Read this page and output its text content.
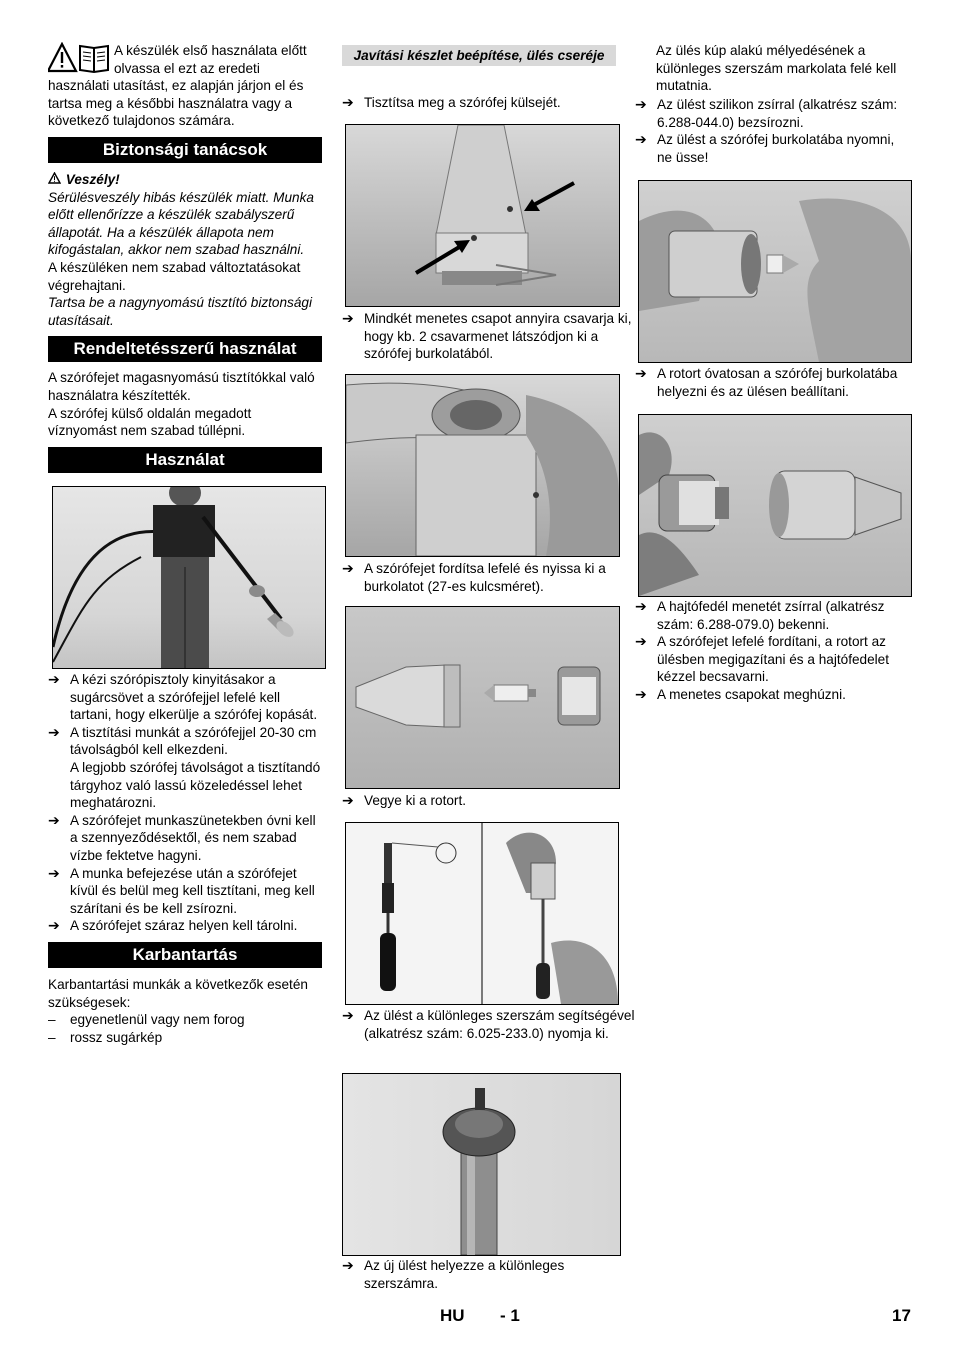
A készülék első használata előtt olvassa el ezt az eredeti használati utasítást, ez alapján járjon el és tartsa meg a későbbi használatra vagy a következő tulajdonos számára.

Biztonsági tanácsok

Veszély!

Sérülésveszély hibás készülék miatt. Munka előtt ellenőrízze a készülék szabályszerű állapotát. Ha a készülék állapota nem kifogástalan, akkor nem szabad használni.

A készüléken nem szabad változtatásokat végrehajtani.

Tartsa be a nagynyomású tisztító biztonsági utasításait.

Rendeltetésszerű használat

A szórófejet magasnyomású tisztítókkal való használatra készítették.

A szórófej külső oldalán megadott víznyomást nem szabad túllépni.

Használat

➔ A kézi szórópisztoly kinyitásakor a sugárcsövet a szórófejjel lefelé kell tartani, hogy elkerülje a szórófej kopását.

➔ A tisztítási munkát a szórófejjel 20-30 cm távolságból kell elkezdeni.

A legjobb szórófej távolságot a tisztítandó tárgyhoz való lassú közeledéssel lehet meghatározni.

➔ A szórófejet munkaszünetekben óvni kell a szennyeződésektől, és nem szabad vízbe fektetve hagyni.

➔ A munka befejezése után a szórófejet kívül és belül meg kell tisztítani, meg kell szárítani és be kell zsírozni.

➔ A szórófejet száraz helyen kell tárolni.

Karbantartás

Karbantartási munkák a következők esetén szükségesek:

– egyenetlenül vagy nem forog

– rossz sugárkép

Javítási készlet beépítése, ülés cseréje

➔ Tisztítsa meg a szórófej külsejét.

➔ Mindkét menetes csapot annyira csavarja ki, hogy kb. 2 csavarmenet látszódjon ki a szórófej burkolatából.

➔ A szórófejet fordítsa lefelé és nyissa ki a burkolatot (27-es kulcsméret).

➔ Vegye ki a rotort.

➔ Az ülést a különleges szerszám segítségével (alkatrész szám: 6.025-233.0) nyomja ki.

➔ Az új ülést helyezze a különleges szerszámra.

Az ülés kúp alakú mélyedésének a különleges szerszám markolata felé kell mutatnia.

➔ Az ülést szilikon zsírral (alkatrész szám: 6.288-044.0) bezsírozni.

➔ Az ülést a szórófej burkolatába nyomni, ne üsse!

➔ A rotort óvatosan a szórófej burkolatába helyezni és az ülésen beállítani.

➔ A hajtófedél menetét zsírral (alkatrész szám: 6.288-079.0) bekenni.

➔ A szórófejet lefelé fordítani, a rotort az ülésben megigazítani és a hajtófedelet kézzel becsavarni.

➔ A menetes csapokat meghúzni.

HU - 1	17
